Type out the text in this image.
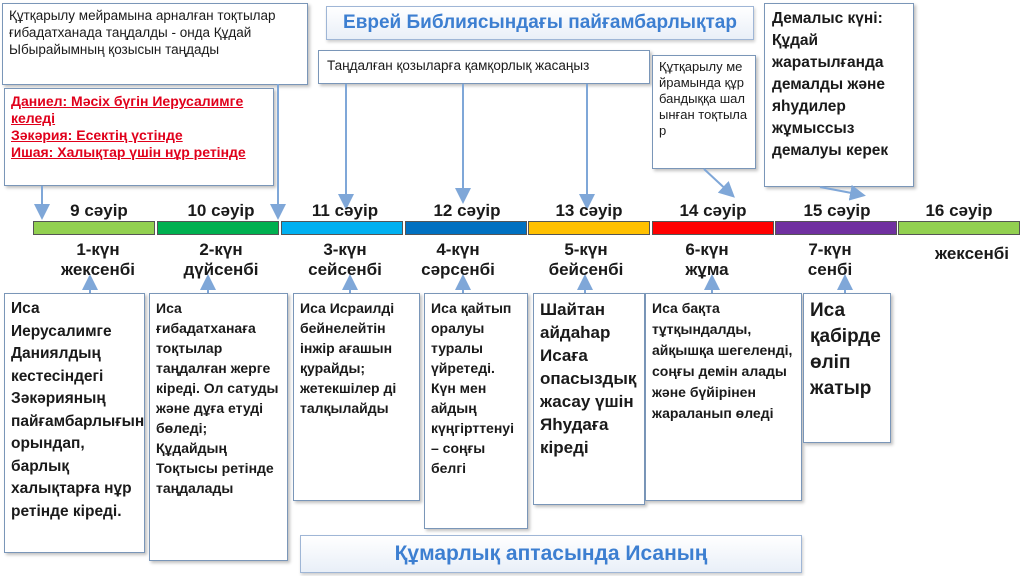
Еврей Библиясындағы пайғамбарлықтар
Құтқарылу мейрамына арналған тоқтылар ғибадатханада таңдалды - онда Құдай Ыбырайымның қозысын таңдады
Даниел: Мәсіх бүгін Иерусалимге келеді
Зәкәрия: Есектің үстінде
Ишая: Халықтар үшін нұр ретінде
Таңдалған қозыларға қамқорлық жасаңыз	Құтқарылу мейрамында құрбандыққа шалынған тоқтылар
Демалыс күні: Құдай жаратылғанда демалды және яһудилер жұмыссыз демалуы керек
9 сәуір	10 сәуір	11 сәуір	12 сәуір	13 сәуір	14 сәуір	15 сәуір	16 сәуір
1-күн жексенбі
2-күн дүйсенбі
3-күн сейсенбі
4-күн сәрсенбі
5-күн бейсенбі
6-күн жұма
7-күн сенбі
жексенбі
Иса Иерусалимге Даниялдың кестесіндегі Зәкәрияның пайғамбарлығын орындап, барлық халықтарға нұр ретінде кіреді.
Иса ғибадатханаға тоқтылар таңдалған жерге кіреді. Ол сатуды және дұға етуді бөледі; Құдайдың Тоқтысы ретінде таңдалады
Иса Исраилді бейнелейтін інжір ағашын қурайды; жетекшілер ді талқылайды
Иса қайтып оралуы туралы үйретеді. Күн мен айдың күңгірттенуі – соңғы белгі
Шайтан айдаһар Исаға опасыздық жасау үшін Яһудаға кіреді
Иса бақта тұтқындалды, айқышқа шегеленді, соңғы демін алады және бүйірінен жараланып өледі
Иса қабірде өліп жатыр
Құмарлық аптасында Исаның
